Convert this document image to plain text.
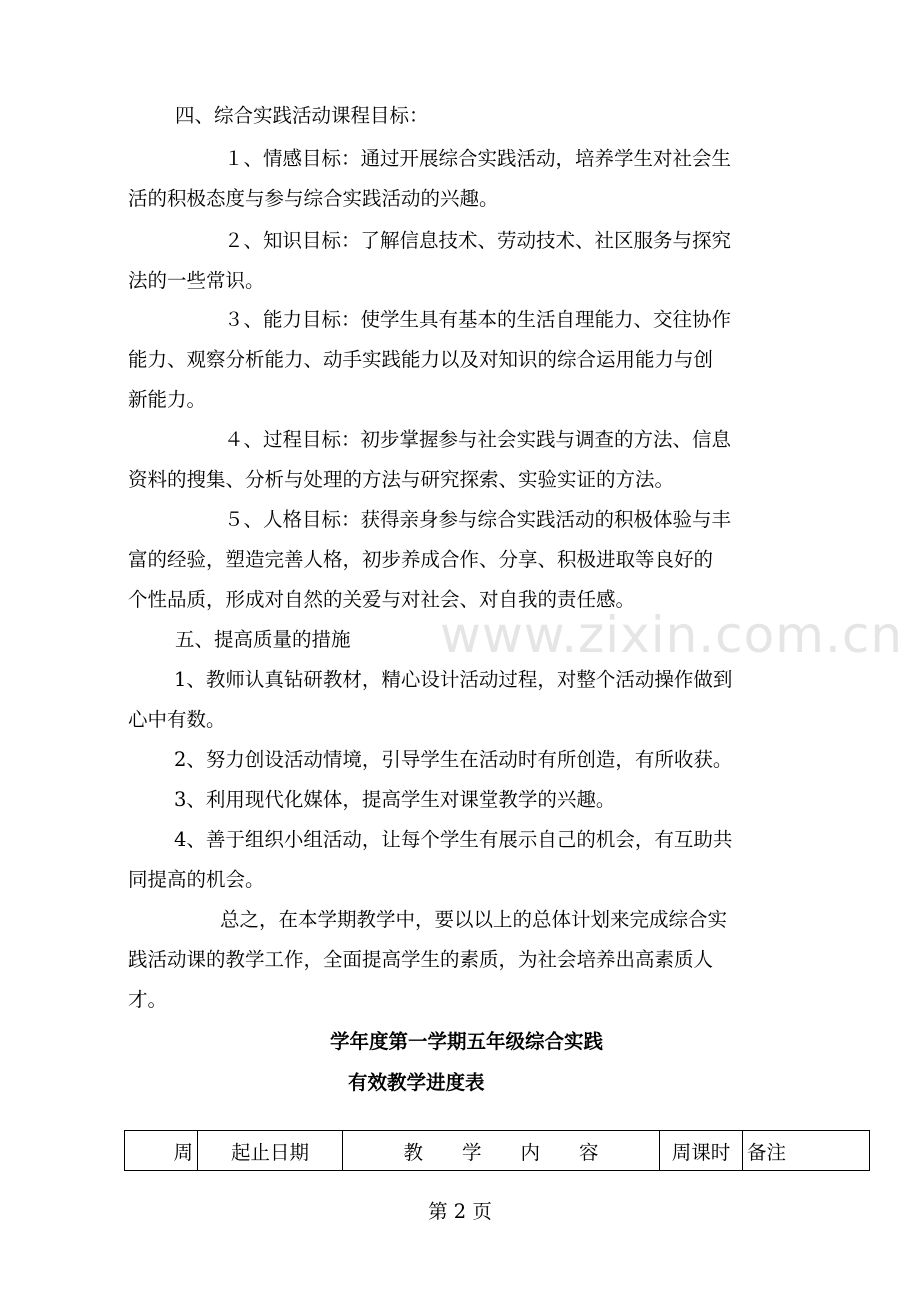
四、综合实践活动课程目标：

１、情感目标：通过开展综合实践活动，培养学生对社会生
活的积极态度与参与综合实践活动的兴趣。
２、知识目标：了解信息技术、劳动技术、社区服务与探究
法的一些常识。
３、能力目标：使学生具有基本的生活自理能力、交往协作
能力、观察分析能力、动手实践能力以及对知识的综合运用能力与创
新能力。
４、过程目标：初步掌握参与社会实践与调查的方法、信息
资料的搜集、分析与处理的方法与研究探索、实验实证的方法。
５、人格目标：获得亲身参与综合实践活动的积极体验与丰
富的经验，塑造完善人格，初步养成合作、分享、积极进取等良好的
个性品质，形成对自然的关爱与对社会、对自我的责任感。
www.zixin.com.cn

五、提高质量的措施

1、教师认真钻研教材，精心设计活动过程，对整个活动操作做到
心中有数。
2、努力创设活动情境，引导学生在活动时有所创造，有所收获。
3、利用现代化媒体，提高学生对课堂教学的兴趣。
4、善于组织小组活动，让每个学生有展示自己的机会，有互助共
同提高的机会。
总之，在本学期教学中，要以以上的总体计划来完成综合实
践活动课的教学工作，全面提高学生的素质，为社会培养出高素质人
才。

学年度第一学期五年级综合实践

有效教学进度表

周	起止日期	教　　学　　内　　容	周课时	备注
第 2 页
